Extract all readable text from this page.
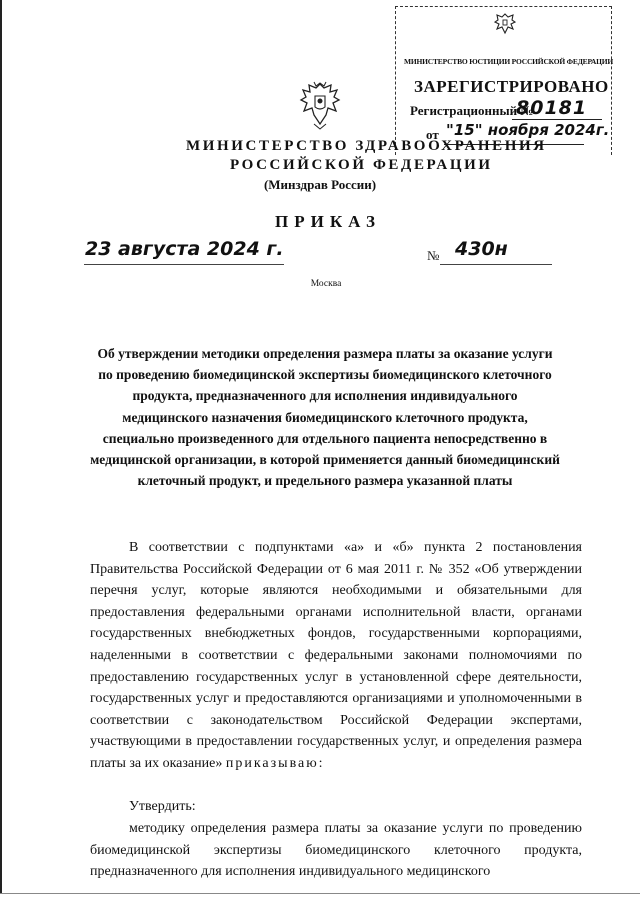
МИНИСТЕРСТВО ЮСТИЦИИ РОССИЙСКОЙ ФЕДЕРАЦИИ
ЗАРЕГИСТРИРОВАНО
Регистрационный №
80181
от "15" ноября 2024г.
МИНИСТЕРСТВО ЗДРАВООХРАНЕНИЯ
РОССИЙСКОЙ ФЕДЕРАЦИИ
(Минздрав России)
ПРИКАЗ
23 августа 2024 г.	№ 430н
Москва
Об утверждении методики определения размера платы за оказание услуги по проведению биомедицинской экспертизы биомедицинского клеточного продукта, предназначенного для исполнения индивидуального медицинского назначения биомедицинского клеточного продукта, специально произведенного для отдельного пациента непосредственно в медицинской организации, в которой применяется данный биомедицинский клеточный продукт, и предельного размера указанной платы
В соответствии с подпунктами «а» и «б» пункта 2 постановления Правительства Российской Федерации от 6 мая 2011 г. № 352 «Об утверждении перечня услуг, которые являются необходимыми и обязательными для предоставления федеральными органами исполнительной власти, органами государственных внебюджетных фондов, государственными корпорациями, наделенными в соответствии с федеральными законами полномочиями по предоставлению государственных услуг в установленной сфере деятельности, государственных услуг и предоставляются организациями и уполномоченными в соответствии с законодательством Российской Федерации экспертами, участвующими в предоставлении государственных услуг, и определения размера платы за их оказание» приказываю:
Утвердить:
методику определения размера платы за оказание услуги по проведению биомедицинской экспертизы биомедицинского клеточного продукта, предназначенного для исполнения индивидуального медицинского
